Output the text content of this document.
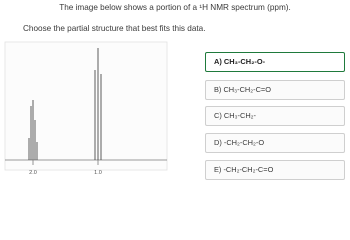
The image below shows a portion of a ¹H NMR spectrum (ppm).
Choose the partial structure that best fits this data.
2.0	1.0
A) CH₃-CH₂-O-
B) CH₃-CH₂-C=O
C) CH₃-CH₂-
D) -CH₂-CH₂-O
E) -CH₂-CH₂-C=O
